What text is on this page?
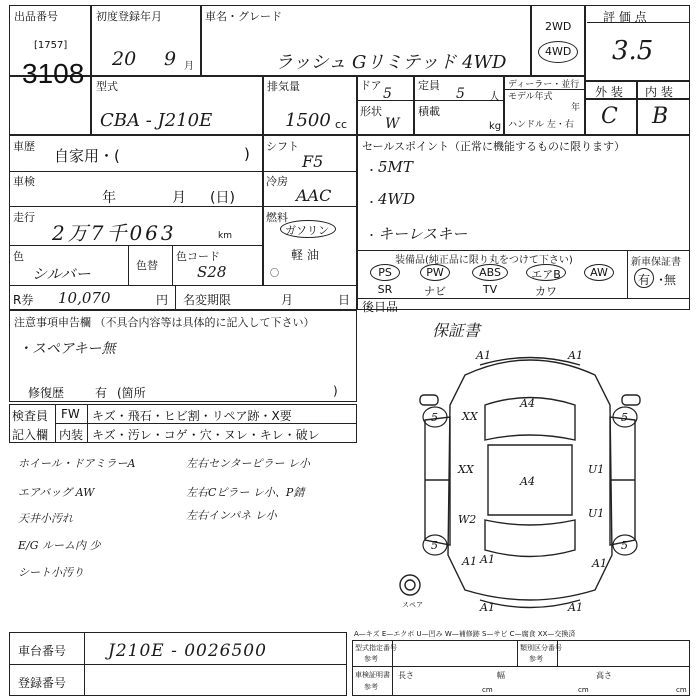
出品番号
[1757]
3108
初度登録年月
20 9 月
車名・グレード
ラッシュ Gリミテッド 4WD
2WD
4WD
評 価 点
3.5
型式
CBA - J210E
排気量
1500 cc
ドア
5
定員
5 人
形状
W
積載
kg
ディーラー・並行
モデル年式
年
ハンドル 左・右
外 装 内 装
C B
車歴
自家用・(	)
車検
年	月 (日)
走行
2万7千063	km
色
シルバー	色替
色コード
S28
シフト
F5
冷房
AAC
燃料
ガソリン
軽 油
〇
R券 10,070	円 名変期限	月	日
セールスポイント（正常に機能するものに限ります）
5MT
4WD
キーレスキー
・
・
・
装備品(純正品に限り丸をつけて下さい)
PS	PW	ABS	エアB	AW
SR	ナビ	TV	カワ
新車保証書
有 ・
無
後日品
保証書
注意事項申告欄 （不具合内容等は具体的に記入して下さい）
・スペアキー無
修復歴	有 (箇所	)
検査員
記入欄
FW キズ・飛石・ヒビ割・リペア跡・X要
内装 キズ・汚レ・コゲ・穴・ヌレ・キレ・破レ
ホイール・ドアミラーA
エアバッグ AW
天井小汚れ
E/G ルーム内 少
シート小汚り
左右センターピラー レ小
左右Cピラー レ小、P錆
左右インパネ レ小
A1	A1
A4
XX
5	5
U1
XX
A4
U1
W2
A1
5	5
A1	A1
A1	A1
スペア
A—キズ E—エクボ U—凹み W—補修跡 S—サビ C—腐食 XX—交換済
車台番号 J210E - 0026500
登録番号
型式指定番号
参考
類別区分番号
参考
車検証明書
参考
長さ
cm
幅
cm
高さ
cm
